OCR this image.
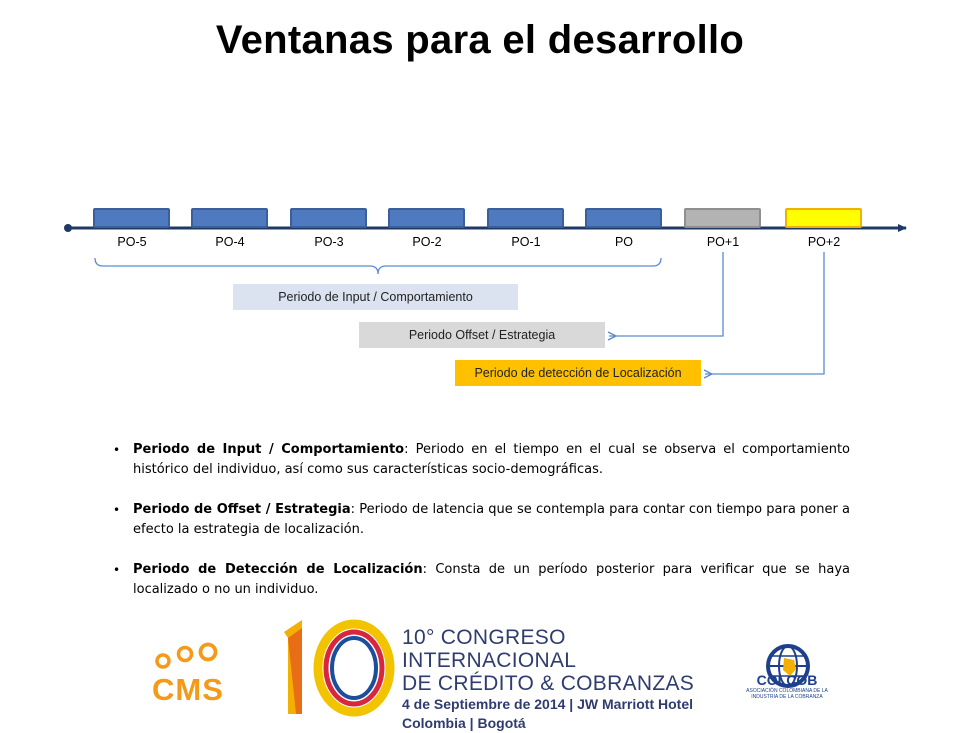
Ventanas para el desarrollo
PO-5	PO-4	PO-3	PO-2	PO-1	PO	PO+1	PO+2
Periodo de Input / Comportamiento
Periodo Offset / Estrategia
Periodo de detección de Localización
• Periodo de Input / Comportamiento: Periodo en el tiempo en el cual se observa el comportamiento histórico del individuo, así como sus características socio-demográficas.
• Periodo de Offset / Estrategia: Periodo de latencia que se contempla para contar con tiempo para poner a efecto la estrategia de localización.
• Periodo de Detección de Localización: Consta de un período posterior para verificar que se haya localizado o no un individuo.
CMS
10° CONGRESO INTERNACIONAL
DE CRÉDITO & COBRANZAS
4 de Septiembre de 2014 | JW Marriott Hotel
Colombia | Bogotá
COLCOB
ASOCIACIÓN COLOMBIANA DE LA INDUSTRIA DE LA COBRANZA
